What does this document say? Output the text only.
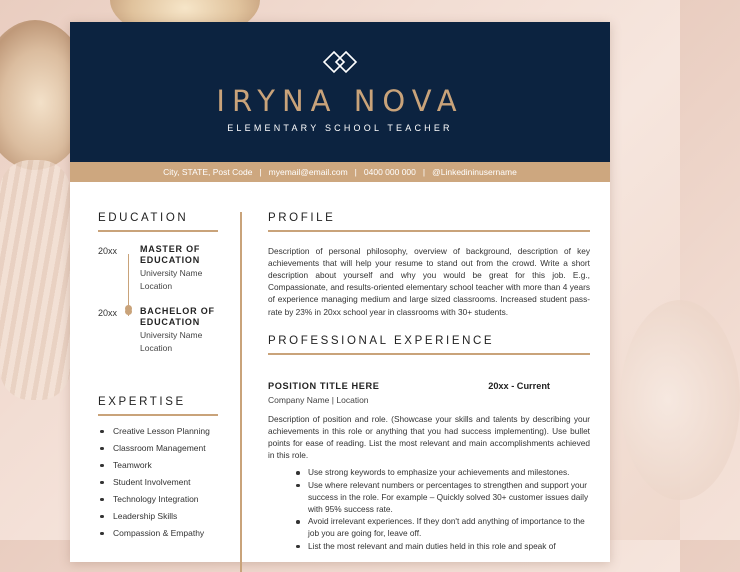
IRYNA NOVA
ELEMENTARY SCHOOL TEACHER
City, STATE, Post Code | myemail@email.com | 0400 000 000 | @Linkedininusername
EDUCATION
20xx	MASTER OF
EDUCATION
University Name
Location
20xx	BACHELOR OF
EDUCATION
University Name
Location
EXPERTISE
Creative Lesson Planning
Classroom Management
Teamwork
Student Involvement
Technology Integration
Leadership Skills
Compassion & Empathy
PROFILE

Description of personal philosophy, overview of background, description of key achievements that will help your resume to stand out from the crowd. Write a short description about yourself and why you would be great for this job. E.g., Compassionate, and results-oriented elementary school teacher with more than 4 years of experience managing medium and large sized classrooms. Increased student pass-rate by 23% in 20xx school year in classrooms with 30+ students.

PROFESSIONAL EXPERIENCE
POSITION TITLE HERE	20xx - Current
Company Name | Location

Description of position and role. (Showcase your skills and talents by describing your achievements in this role or anything that you had success implementing). Use bullet points for ease of reading. List the most relevant and main accomplishments achieved in this role.

Use strong keywords to emphasize your achievements and milestones.
Use where relevant numbers or percentages to strengthen and support your success in the role. For example – Quickly solved 30+ customer issues daily with 95% success rate.
Avoid irrelevant experiences. If they don't add anything of importance to the job you are going for, leave off.
List the most relevant and main duties held in this role and speak of
